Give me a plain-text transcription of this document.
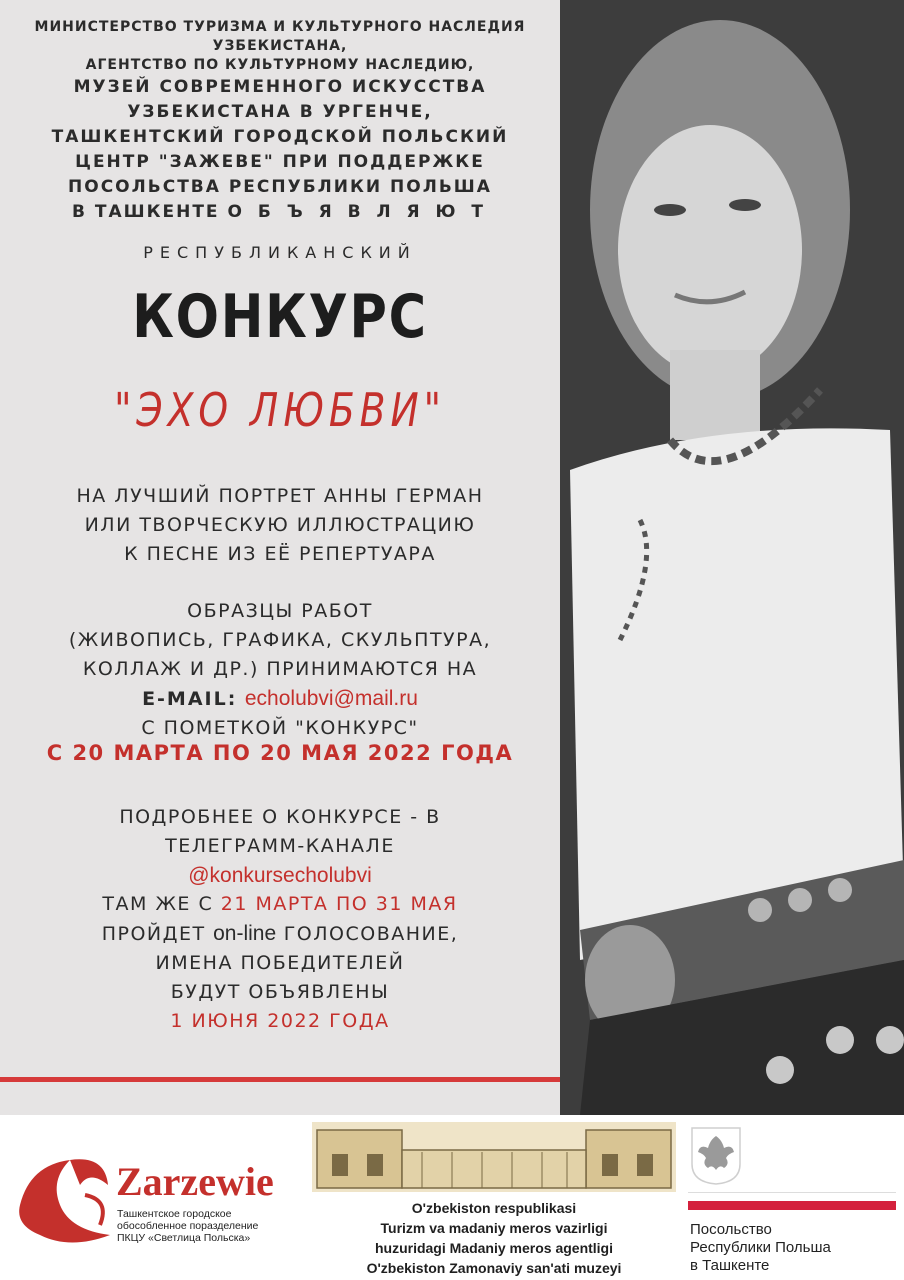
МИНИСТЕРСТВО ТУРИЗМА И КУЛЬТУРНОГО НАСЛЕДИЯ УЗБЕКИСТАНА,
АГЕНТСТВО ПО КУЛЬТУРНОМУ НАСЛЕДИЮ,
МУЗЕЙ СОВРЕМЕННОГО ИСКУССТВА
УЗБЕКИСТАНА В УРГЕНЧЕ,
ТАШКЕНТСКИЙ ГОРОДСКОЙ ПОЛЬСКИЙ
ЦЕНТР "ЗАЖЕВЕ" ПРИ ПОДДЕРЖКЕ
ПОСОЛЬСТВА РЕСПУБЛИКИ ПОЛЬША
В ТАШКЕНТЕ О Б Ъ Я В Л Я Ю Т
РЕСПУБЛИКАНСКИЙ
КОНКУРС
"ЭХО ЛЮБВИ"
НА ЛУЧШИЙ ПОРТРЕТ АННЫ ГЕРМАН
ИЛИ ТВОРЧЕСКУЮ ИЛЛЮСТРАЦИЮ
К ПЕСНЕ ИЗ ЕЁ РЕПЕРТУАРА
ОБРАЗЦЫ РАБОТ
(ЖИВОПИСЬ, ГРАФИКА, СКУЛЬПТУРА,
КОЛЛАЖ И ДР.) ПРИНИМАЮТСЯ НА
E-MAIL: echolubvi@mail.ru
С ПОМЕТКОЙ "КОНКУРС"
С 20 МАРТА ПО 20 МАЯ 2022 ГОДА
ПОДРОБНЕЕ О КОНКУРСЕ - В
ТЕЛЕГРАММ-КАНАЛЕ
@konkursecholubvi
ТАМ ЖЕ С 21 МАРТА ПО 31 МАЯ
ПРОЙДЕТ on-line ГОЛОСОВАНИЕ,
ИМЕНА ПОБЕДИТЕЛЕЙ
БУДУТ ОБЪЯВЛЕНЫ
1 ИЮНЯ 2022 ГОДА
Zarzewie
Ташкентское городское
обособленное поразделение
ПКЦУ «Светлица Польска»
O'zbekiston respublikasi
Turizm va madaniy meros vazirligi
huzuridagi Madaniy meros agentligi
O'zbekiston Zamonaviy san'ati muzeyi
Посольство
Республики Польша
в Ташкенте
